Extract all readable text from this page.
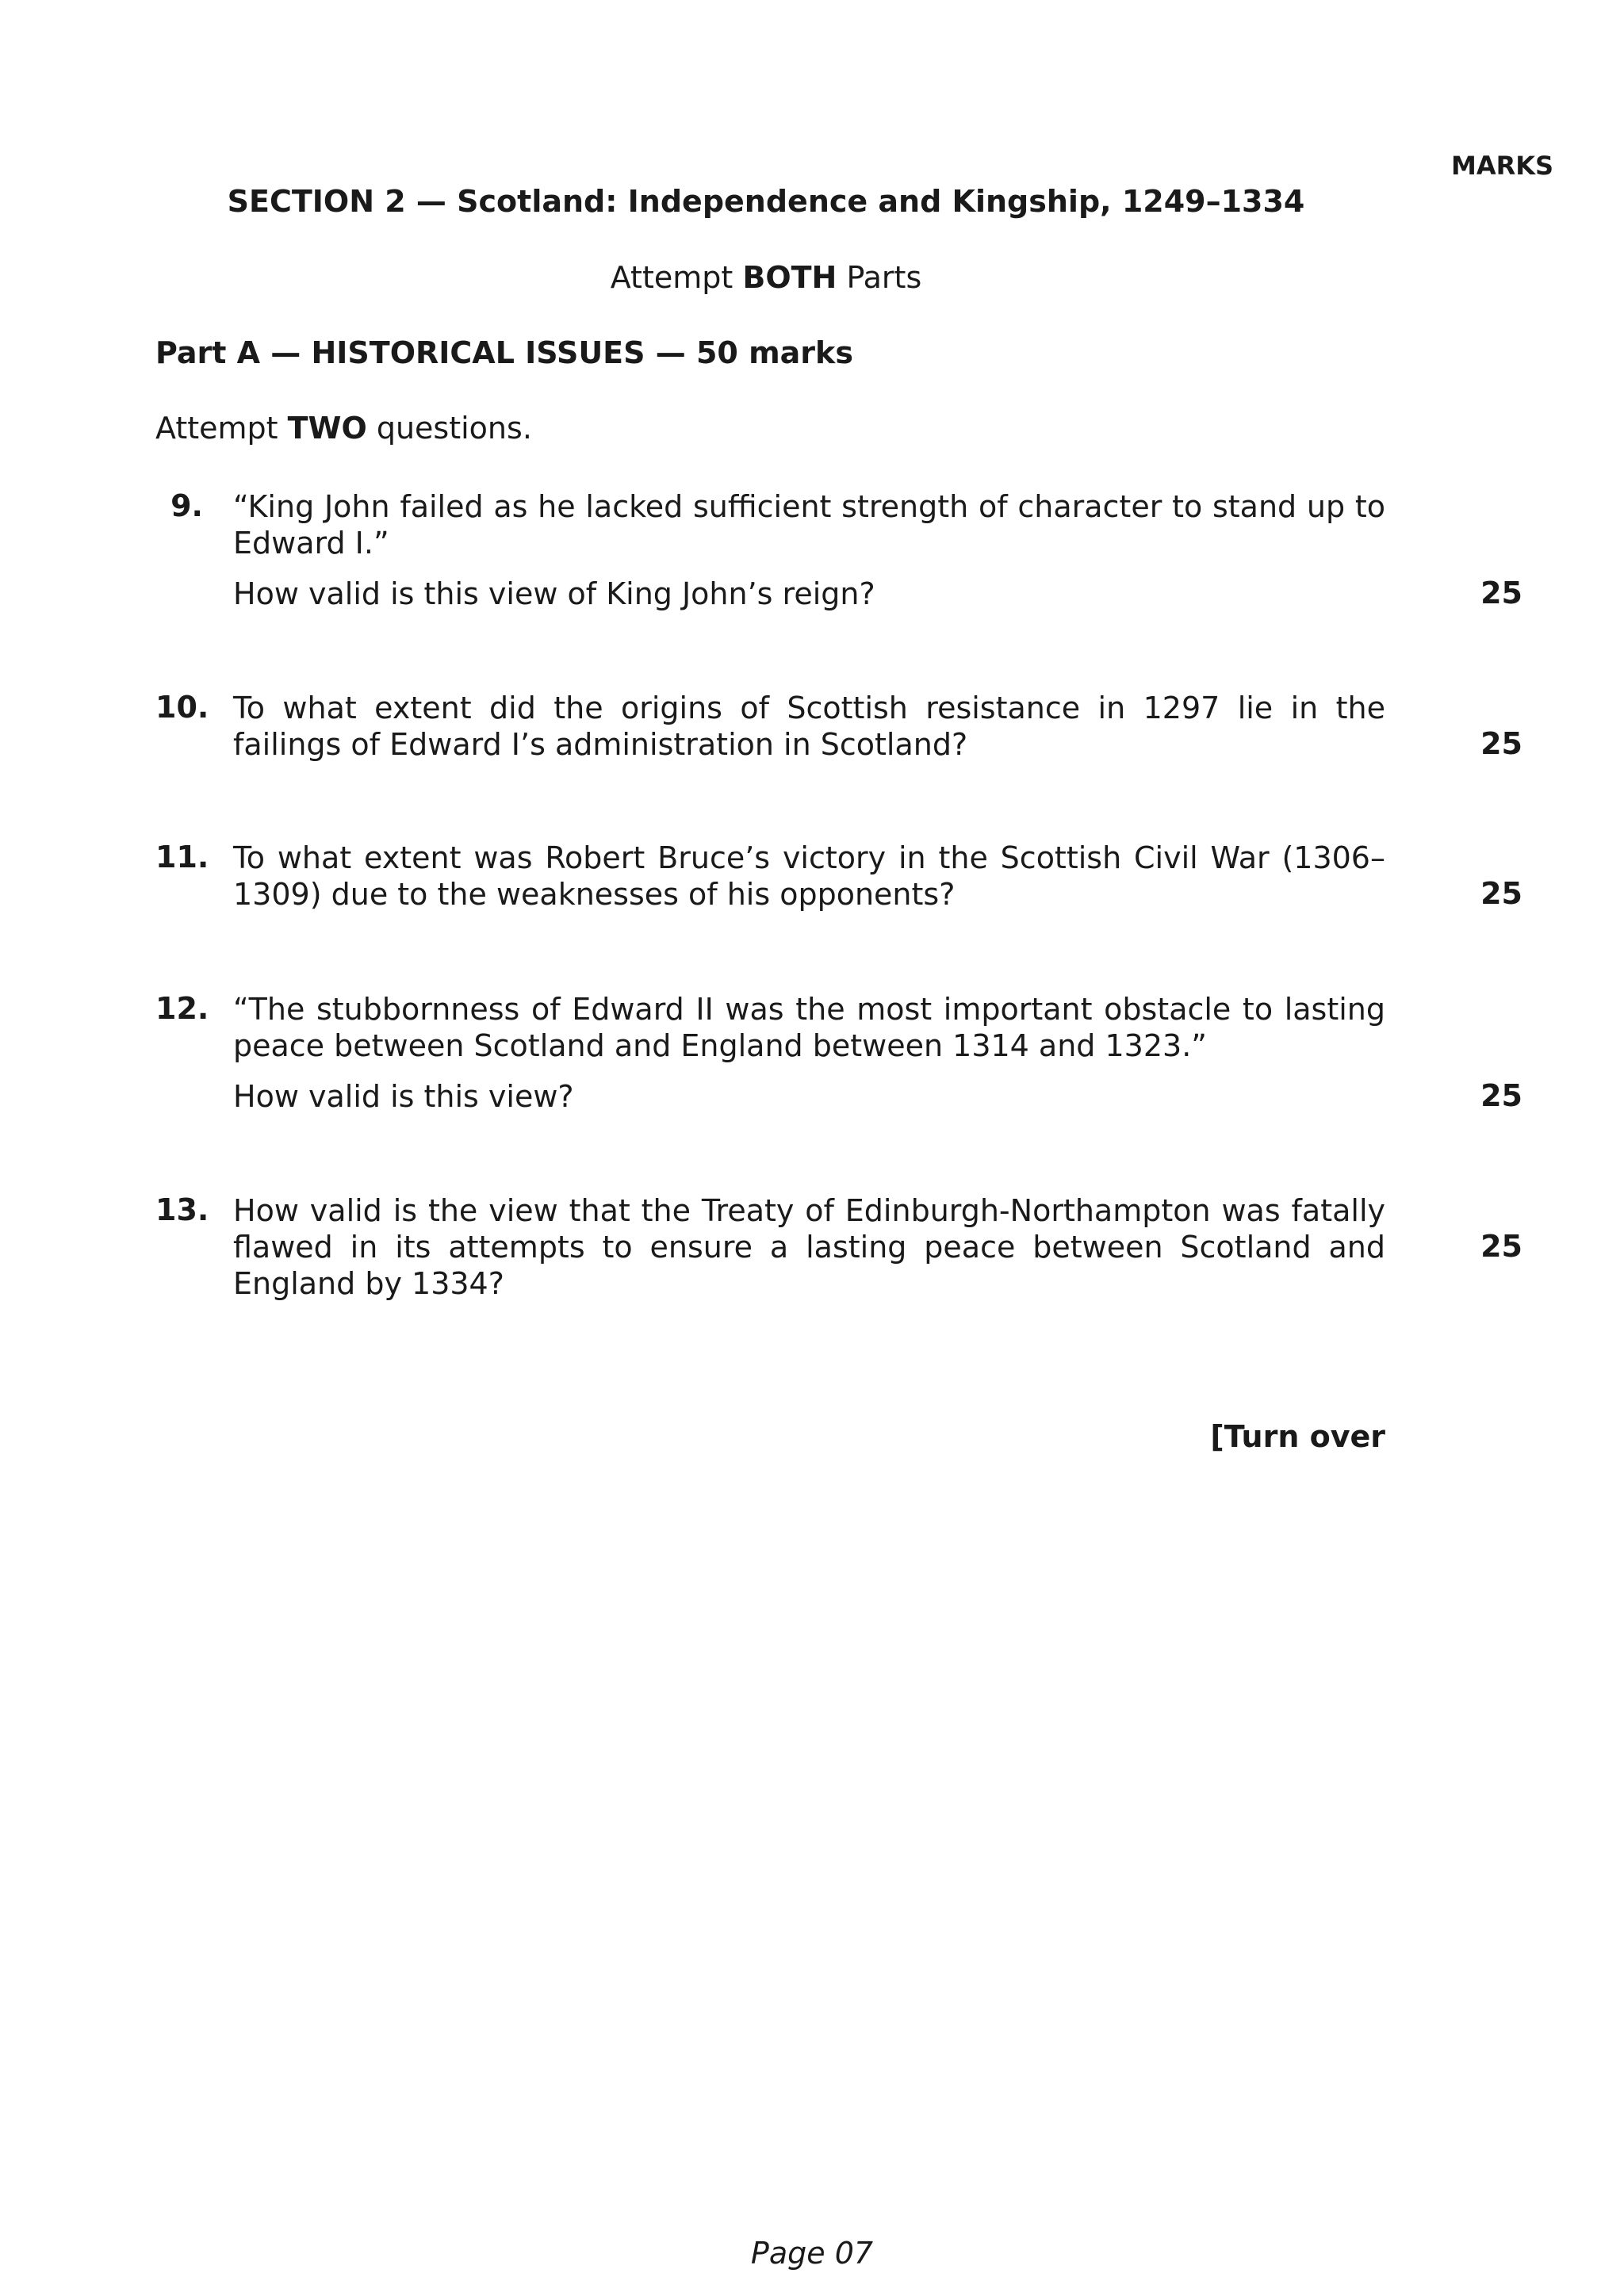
MARKS
SECTION 2 — Scotland: Independence and Kingship, 1249–1334
Attempt BOTH Parts
Part A — HISTORICAL ISSUES — 50 marks
Attempt TWO questions.
9. “King John failed as he lacked sufficient strength of character to stand up to Edward I.”
How valid is this view of King John’s reign?	25
10. To what extent did the origins of Scottish resistance in 1297 lie in the failings of Edward I’s administration in Scotland?	25
11. To what extent was Robert Bruce’s victory in the Scottish Civil War (1306–1309) due to the weaknesses of his opponents?	25
12. “The stubbornness of Edward II was the most important obstacle to lasting peace between Scotland and England between 1314 and 1323.”
How valid is this view?	25
13. How valid is the view that the Treaty of Edinburgh-Northampton was fatally flawed in its attempts to ensure a lasting peace between Scotland and England by 1334?
25
[Turn over
Page 07
